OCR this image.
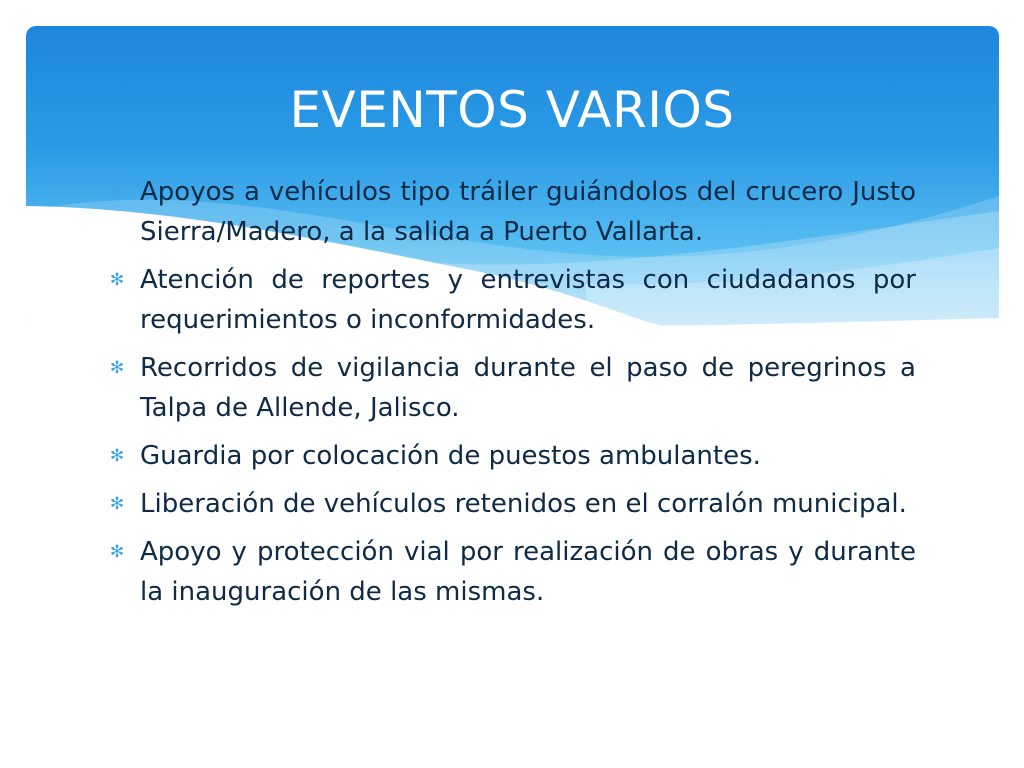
EVENTOS VARIOS
✻ Apoyos a vehículos tipo tráiler guiándolos del crucero Justo Sierra/Madero, a la salida a Puerto Vallarta.
✻ Atención de reportes y entrevistas con ciudadanos por requerimientos o inconformidades.
✻ Recorridos de vigilancia durante el paso de peregrinos a Talpa de Allende, Jalisco.
✻ Guardia por colocación de puestos ambulantes.
✻ Liberación de vehículos retenidos en el corralón municipal.
✻ Apoyo y protección vial por realización de obras y durante la inauguración de las mismas.
